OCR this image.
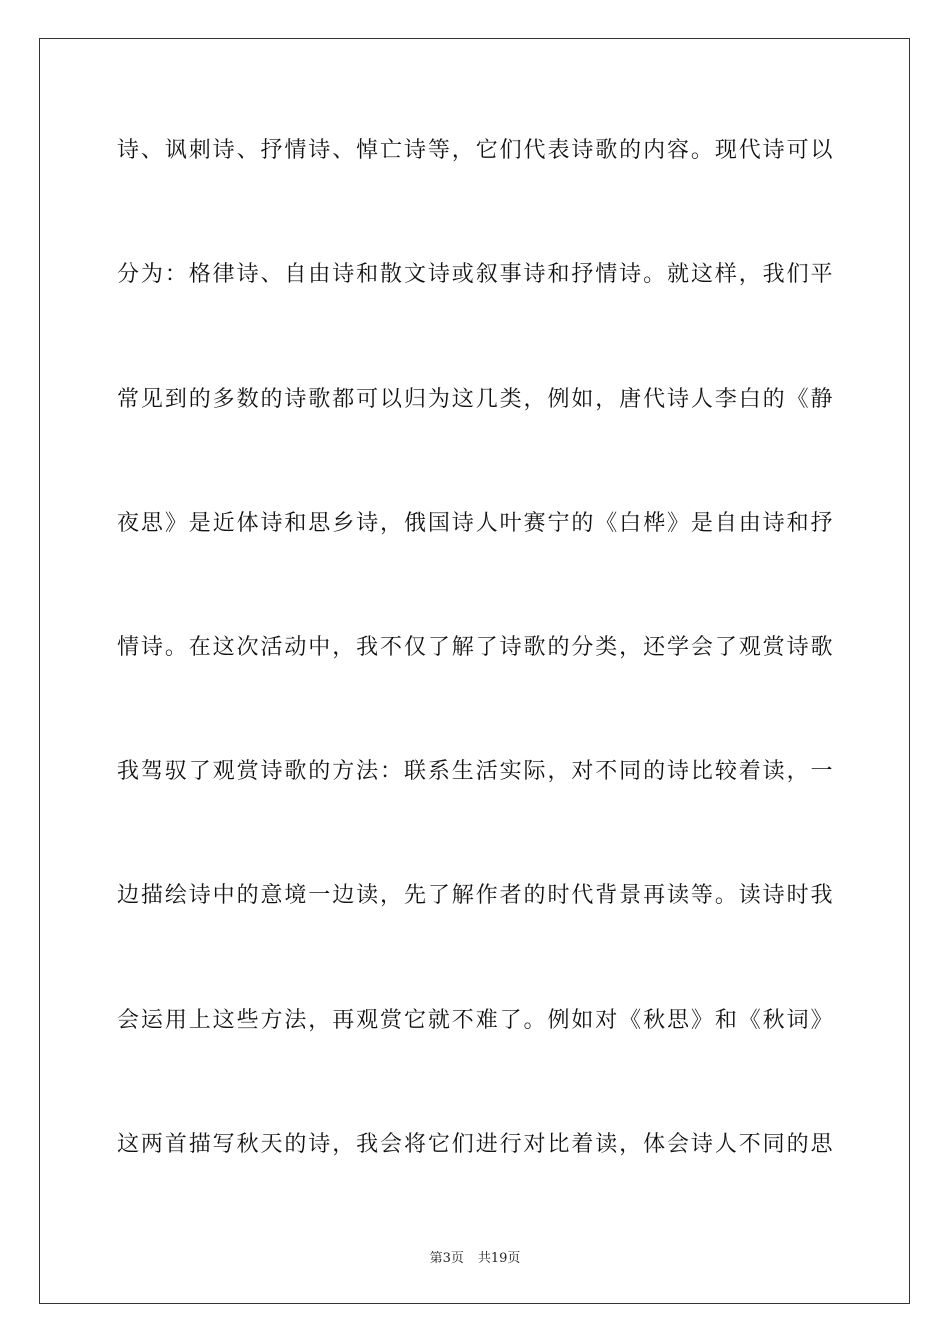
诗、讽刺诗、抒情诗、悼亡诗等，它们代表诗歌的内容。现代诗可以
分为：格律诗、自由诗和散文诗或叙事诗和抒情诗。就这样，我们平
常见到的多数的诗歌都可以归为这几类，例如，唐代诗人李白的《静
夜思》是近体诗和思乡诗，俄国诗人叶赛宁的《白桦》是自由诗和抒
情诗。在这次活动中，我不仅了解了诗歌的分类，还学会了观赏诗歌
我驾驭了观赏诗歌的方法：联系生活实际，对不同的诗比较着读，一
边描绘诗中的意境一边读，先了解作者的时代背景再读等。读诗时我
会运用上这些方法，再观赏它就不难了。例如对《秋思》和《秋词》
这两首描写秋天的诗，我会将它们进行对比着读，体会诗人不同的思
第3页 共19页
